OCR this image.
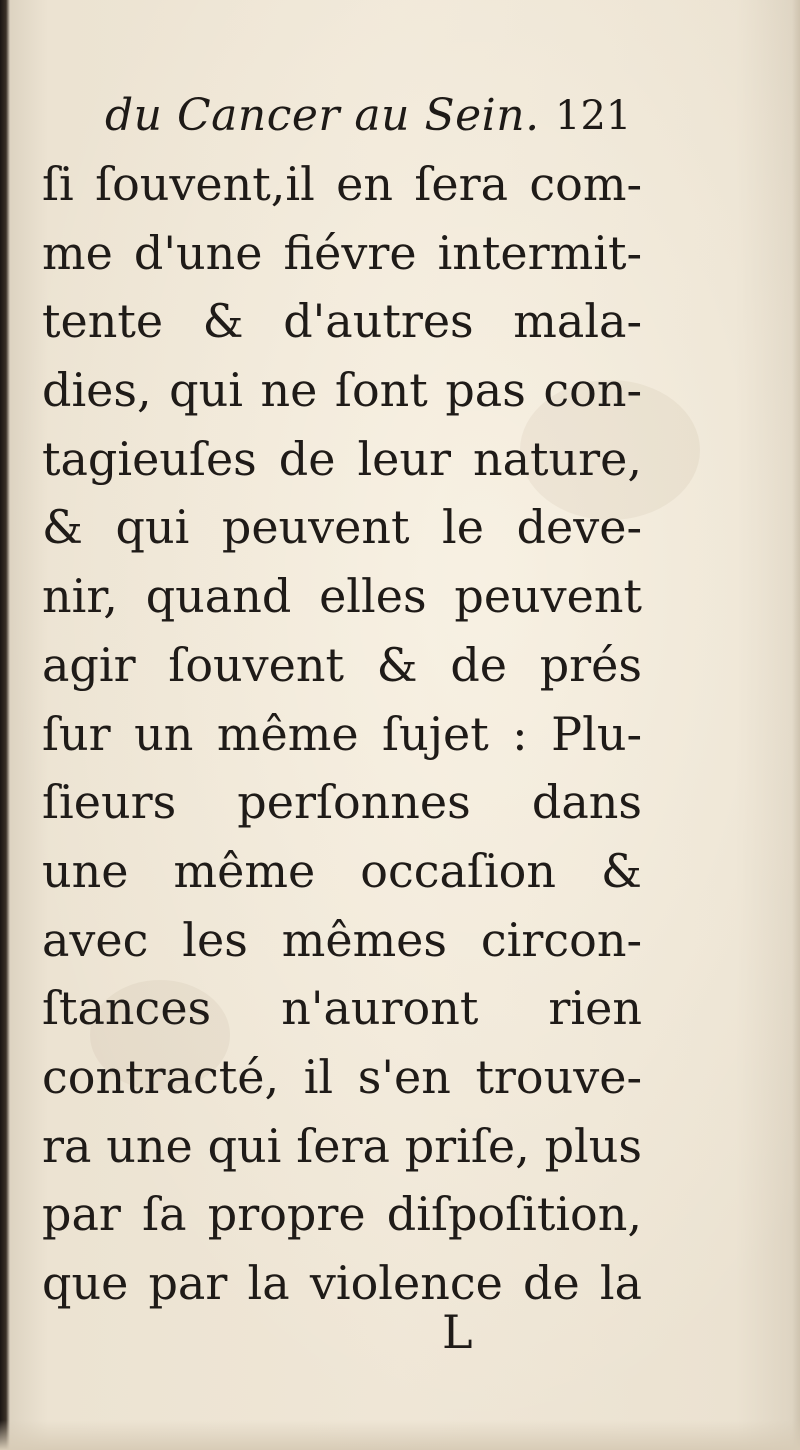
du Cancer au Sein. 121
ſi ſouvent,il en ſera com-
me d'une fiévre intermit-
tente & d'autres mala-
dies, qui ne ſont pas con-
tagieuſes de leur nature,
& qui peuvent le deve-
nir, quand elles peuvent
agir ſouvent & de prés
ſur un même ſujet : Plu-
ſieurs perſonnes dans
une même occaſion &
avec les mêmes circon-
ſtances n'auront rien
contracté, il s'en trouve-
ra une qui ſera priſe, plus
par ſa propre diſpoſition,
que par la violence de la
L
